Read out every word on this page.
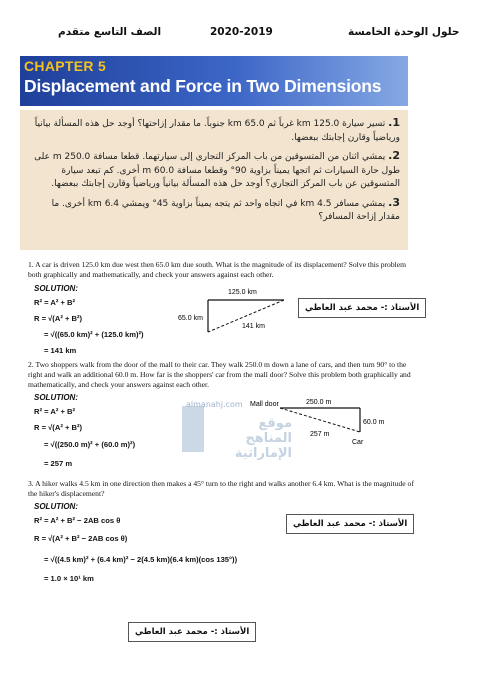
حلول الوحدة الخامسة
2020-2019
الصف التاسع متقدم
CHAPTER 5
Displacement and Force in Two Dimensions
1. تسير سيارة 125.0 km غرباً ثم 65.0 km جنوباً. ما مقدار إزاحتها؟ أوجد حل هذه المسألة بيانياً ورياضياً وقارن إجابتك ببعضها.
2. يمشي اثنان من المتسوقين من باب المركز التجاري إلى سيارتهما. قطعا مسافة 250.0 m على طول حارة السيارات ثم اتجها يميناً بزاوية 90° وقطعا مسافة 60.0 m أخرى. كم تبعد سيارة المتسوقين عن باب المركز التجاري؟ أوجد حل هذه المسألة بيانياً ورياضياً وقارن إجابتك ببعضها.
3. يمشي مسافر 4.5 km في اتجاه واحد ثم يتجه يميناً بزاوية 45° ويمشي 6.4 km أخرى. ما مقدار إزاحة المسافر؟
1. A car is driven 125.0 km due west then 65.0 km due south. What is the magnitude of its displacement? Solve this problem both graphically and mathematically, and check your answers against each other.
SOLUTION:
R² = A² + B²
R = √(A² + B²)
= √((65.0 km)² + (125.0 km)²)
= 141 km
125.0 km
65.0 km
141 km
الأستاذ :- محمد عبد العاطي
2. Two shoppers walk from the door of the mall to their car. They walk 250.0 m down a lane of cars, and then turn 90° to the right and walk an additional 60.0 m. How far is the shoppers' car from the mall door? Solve this problem both graphically and mathematically, and check your answers against each other.
SOLUTION:
R² = A² + B²
R = √(A² + B²)
= √((250.0 m)² + (60.0 m)²)
= 257 m
almanahj.com
موقع المناهج الإماراتية
Mall door	250.0 m
60.0 m
257 m
Car
3. A hiker walks 4.5 km in one direction then makes a 45° turn to the right and walks another 6.4 km. What is the magnitude of the hiker's displacement?
SOLUTION:
R² = A² + B² − 2AB cos θ
R = √(A² + B² − 2AB cos θ)
= √((4.5 km)² + (6.4 km)² − 2(4.5 km)(6.4 km)(cos 135°))
= 1.0 × 10¹ km
الأستاذ :- محمد عبد العاطي
الأستاذ :- محمد عبد العاطي
